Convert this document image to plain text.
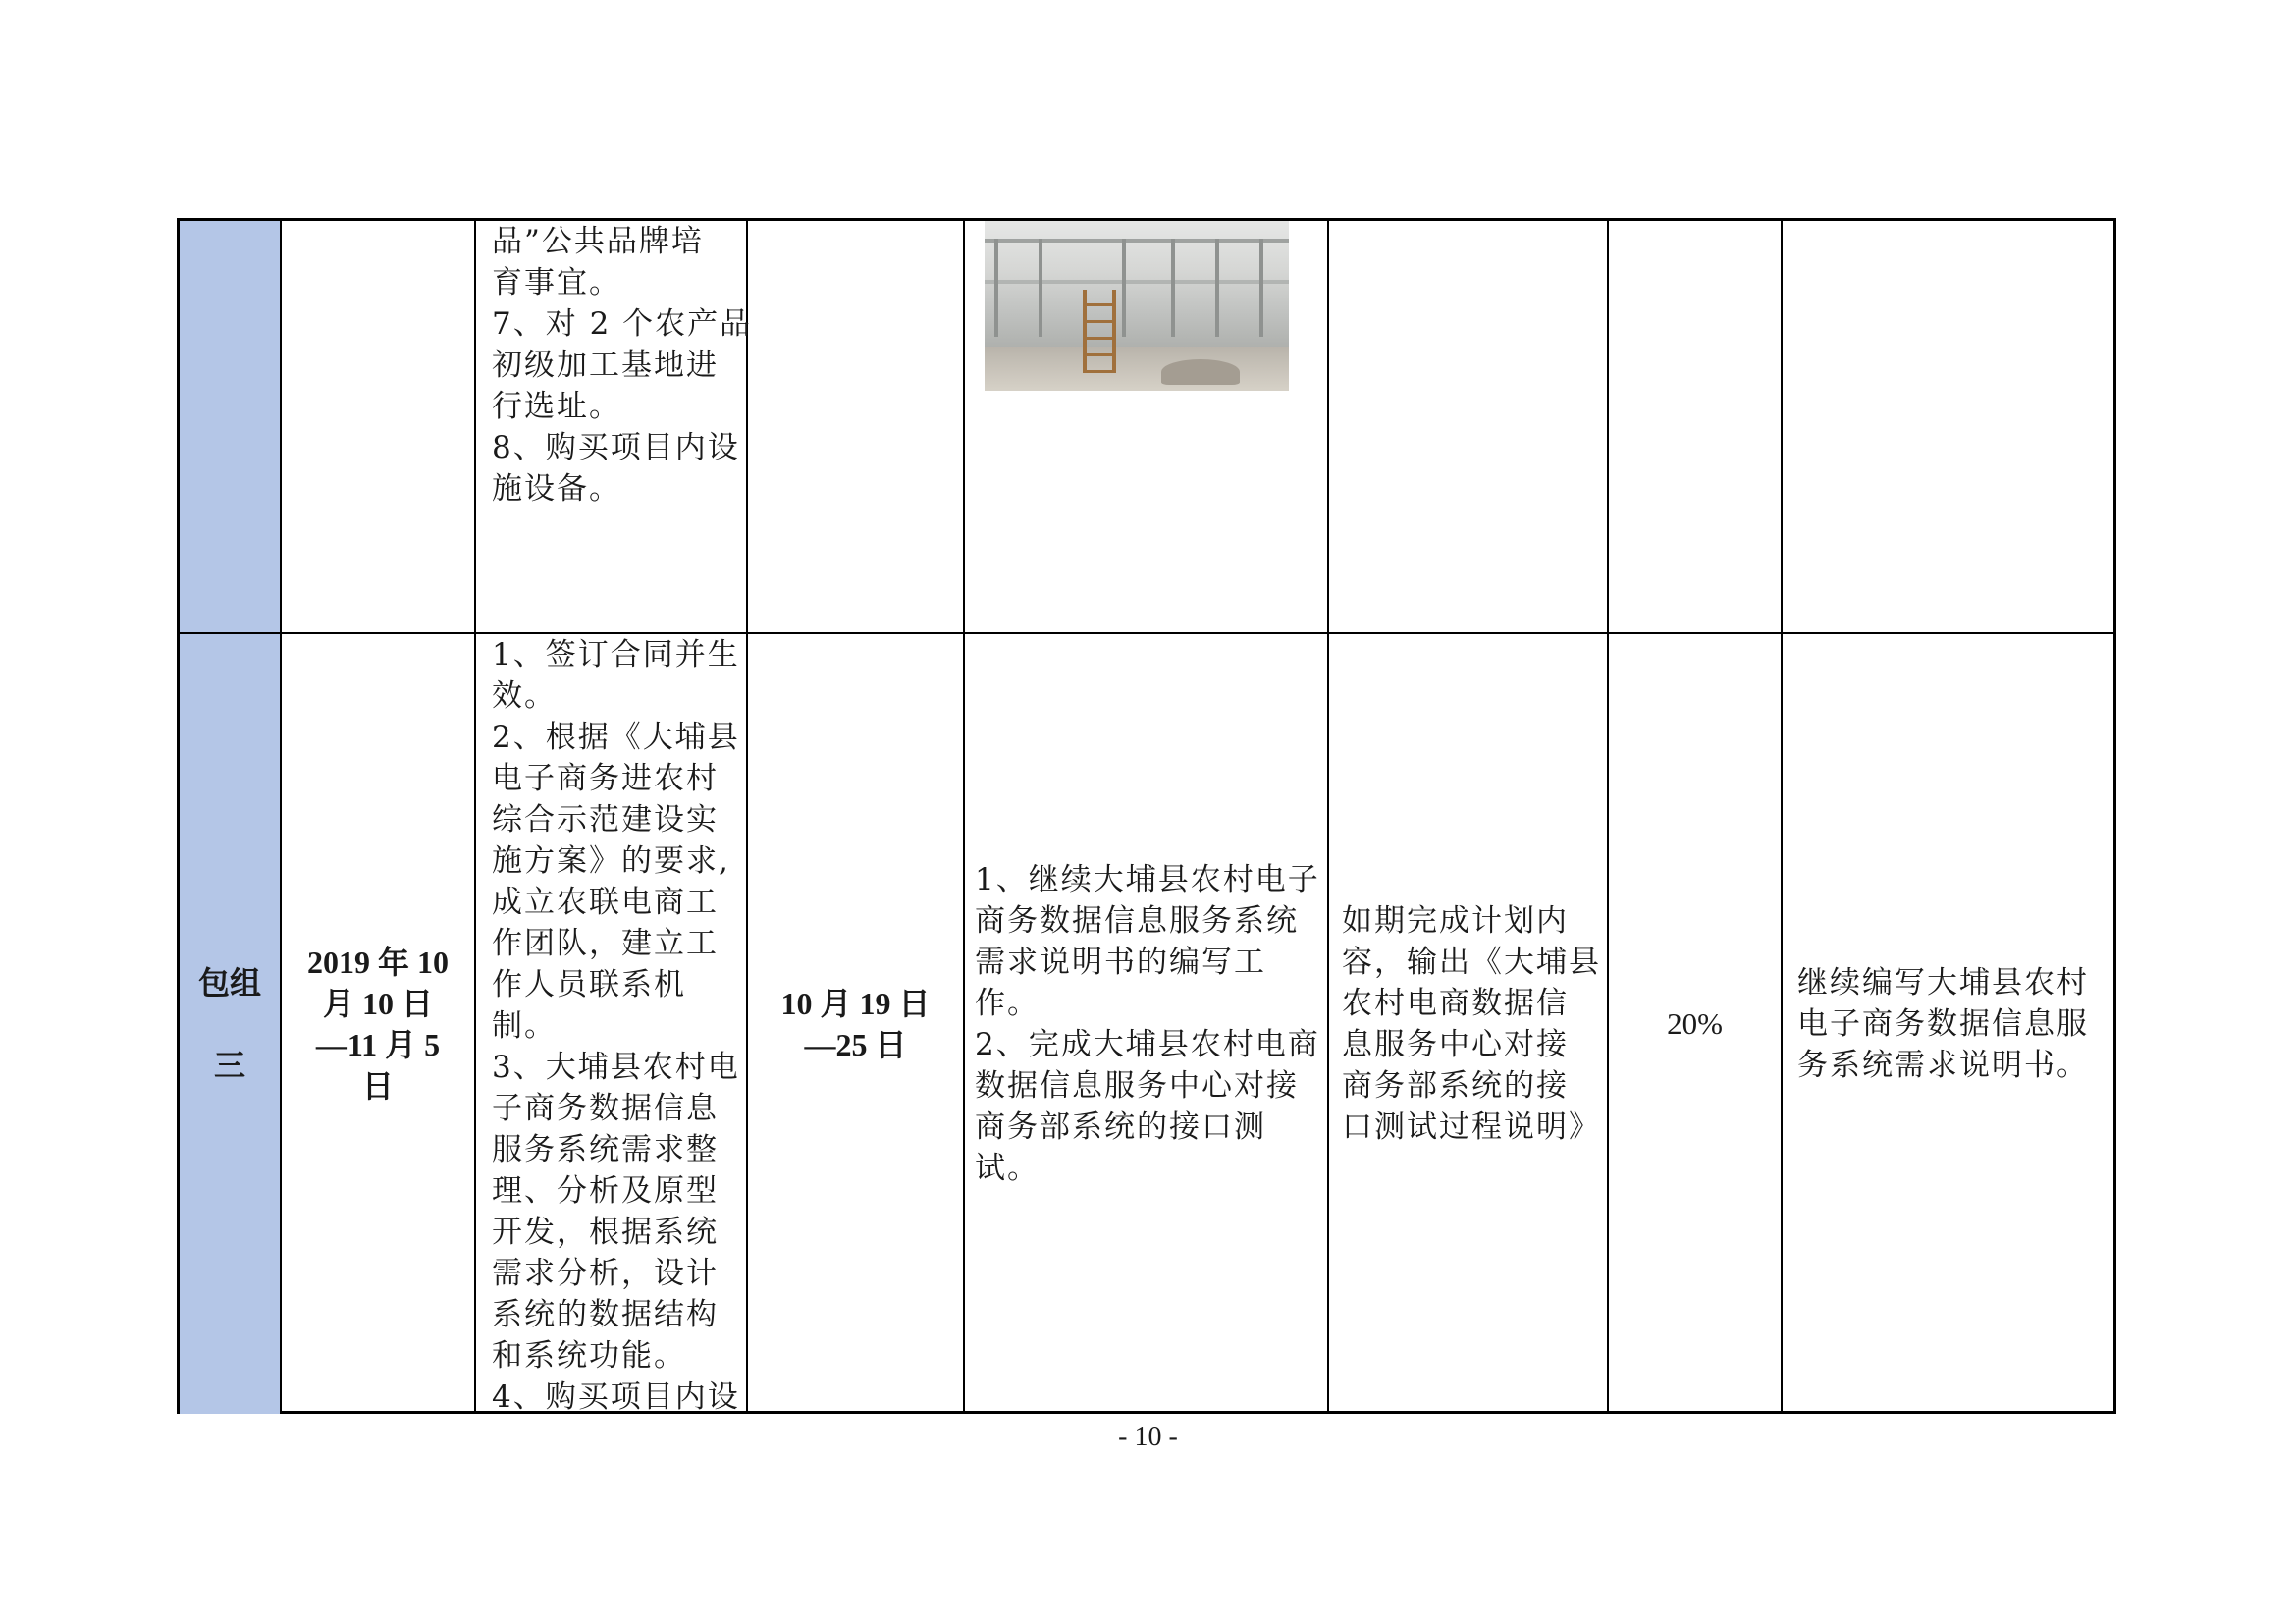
品”公共品牌培
育事宜。
7、对 2 个农产品
初级加工基地进
行选址。
8、购买项目内设
施设备。
包组
三
2019 年 10
月 10 日
—11 月 5
日
1、签订合同并生
效。
2、根据《大埔县
电子商务进农村
综合示范建设实
施方案》的要求,
成立农联电商工
作团队，建立工
作人员联系机
制。
3、大埔县农村电
子商务数据信息
服务系统需求整
理、分析及原型
开发，根据系统
需求分析，设计
系统的数据结构
和系统功能。
4、购买项目内设
10 月 19 日
—25 日
1、继续大埔县农村电子
商务数据信息服务系统
需求说明书的编写工
作。
2、完成大埔县农村电商
数据信息服务中心对接
商务部系统的接口测
试。
如期完成计划内
容，输出《大埔县
农村电商数据信
息服务中心对接
商务部系统的接
口测试过程说明》
20%
继续编写大埔县农村
电子商务数据信息服
务系统需求说明书。
- 10 -
